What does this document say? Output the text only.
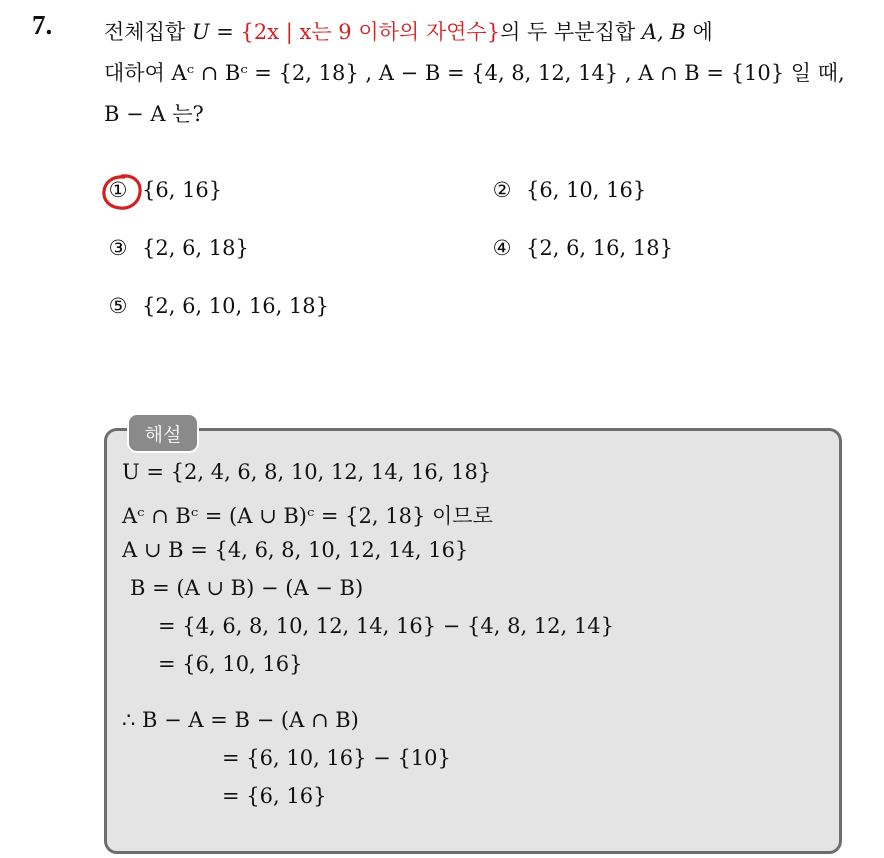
7. 전체집합 U = {2x | x는 9 이하의 자연수}의 두 부분집합 A, B 에
대하여 Aᶜ ∩ Bᶜ = {2, 18} , A − B = {4, 8, 12, 14} , A ∩ B = {10} 일 때,
B − A 는?
① {6, 16}	② {6, 10, 16}
③ {2, 6, 18}	④ {2, 6, 16, 18}
⑤ {2, 6, 10, 16, 18}
해설
U = {2, 4, 6, 8, 10, 12, 14, 16, 18}
Aᶜ ∩ Bᶜ = (A ∪ B)ᶜ = {2, 18} 이므로
A ∪ B = {4, 6, 8, 10, 12, 14, 16}
B = (A ∪ B) − (A − B)
= {4, 6, 8, 10, 12, 14, 16} − {4, 8, 12, 14}
= {6, 10, 16}
∴ B − A = B − (A ∩ B)
= {6, 10, 16} − {10}
= {6, 16}
